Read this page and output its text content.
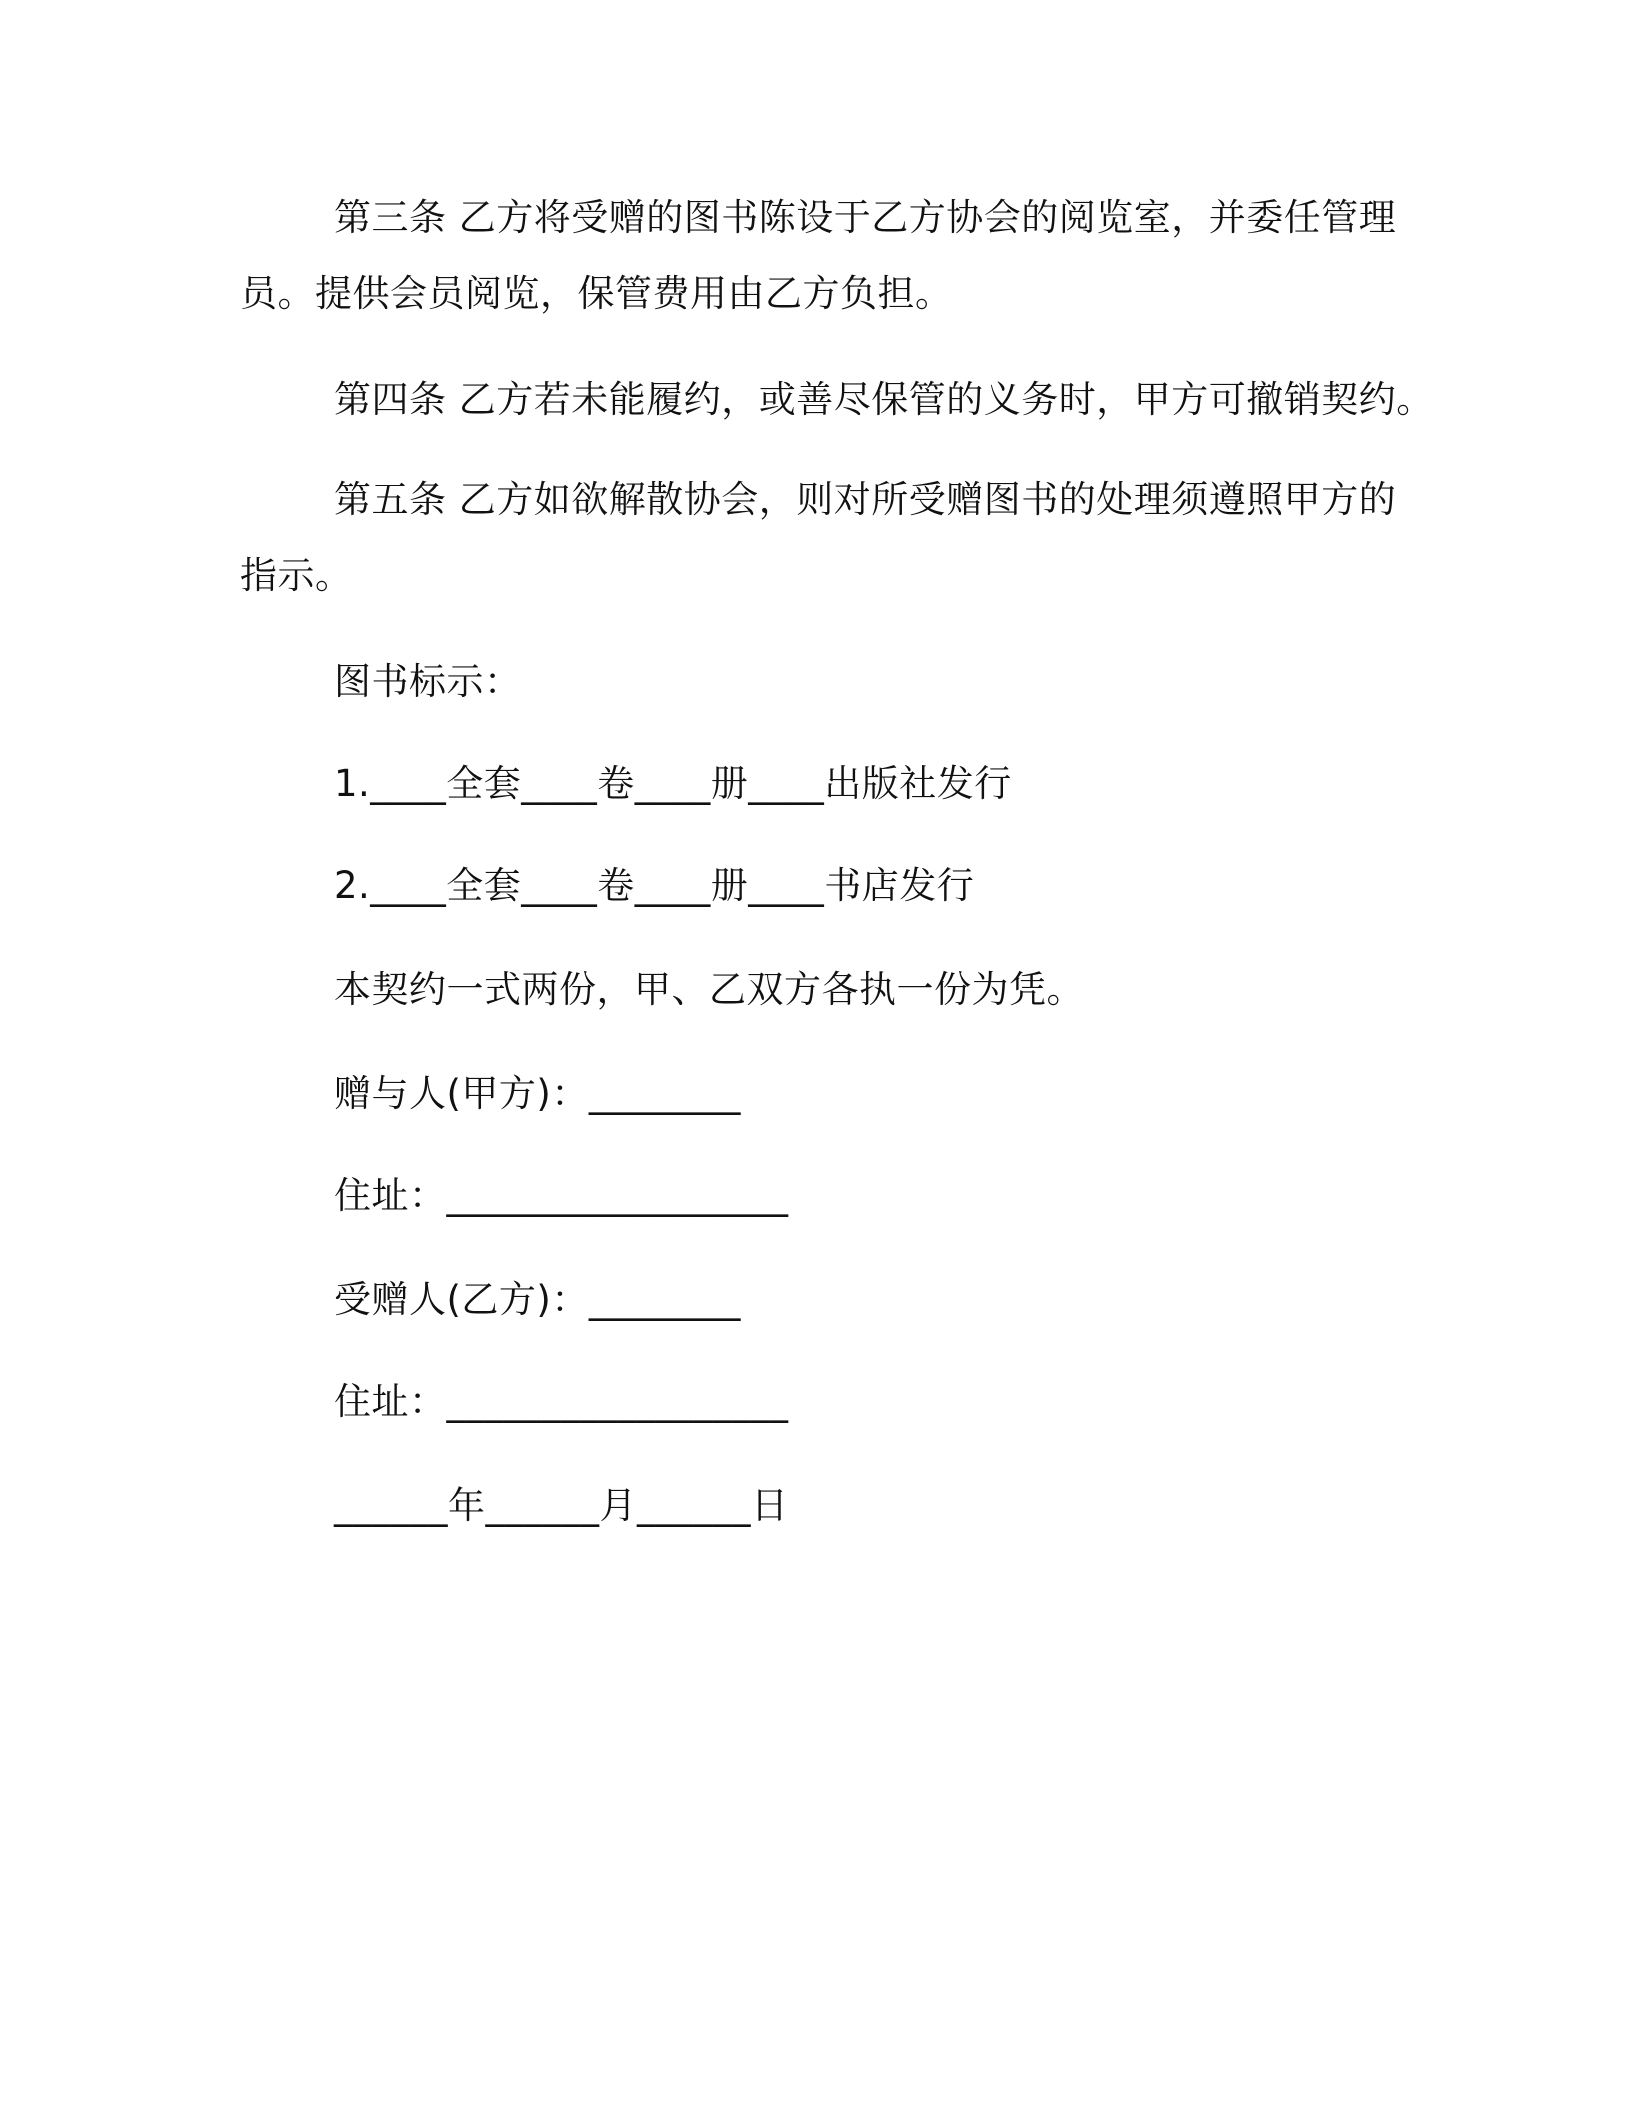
第三条 乙方将受赠的图书陈设于乙方协会的阅览室，并委任管理
员。提供会员阅览，保管费用由乙方负担。
第四条 乙方若未能履约，或善尽保管的义务时，甲方可撤销契约。
第五条 乙方如欲解散协会，则对所受赠图书的处理须遵照甲方的
指示。
图书标示：
1.____全套____卷____册____出版社发行
2.____全套____卷____册____书店发行
本契约一式两份，甲、乙双方各执一份为凭。
赠与人(甲方)：________
住址：__________________
受赠人(乙方)：________
住址：__________________
______年______月______日
